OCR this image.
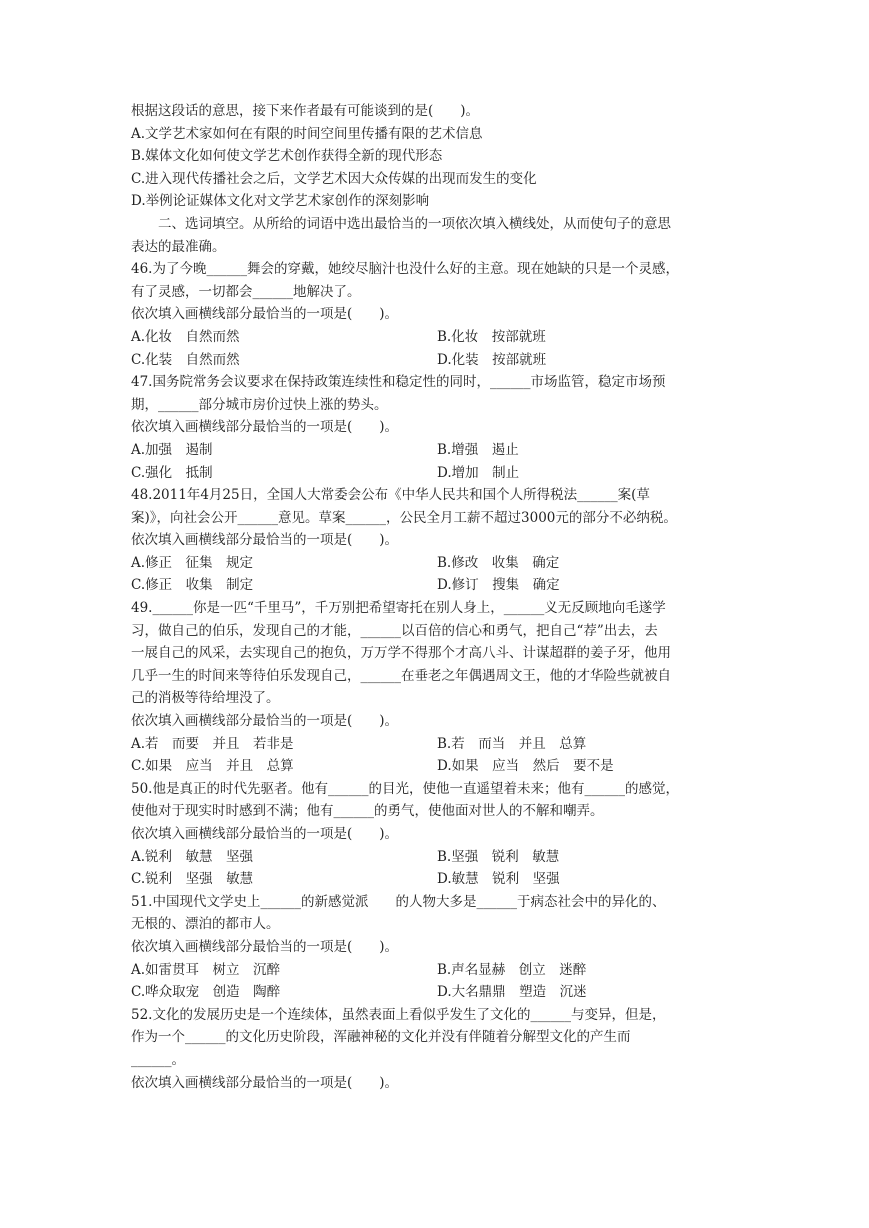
根据这段话的意思，接下来作者最有可能谈到的是(　　)。
A.文学艺术家如何在有限的时间空间里传播有限的艺术信息
B.媒体文化如何使文学艺术创作获得全新的现代形态
C.进入现代传播社会之后，文学艺术因大众传媒的出现而发生的变化
D.举例论证媒体文化对文学艺术家创作的深刻影响
二、选词填空。从所给的词语中选出最恰当的一项依次填入横线处，从而使句子的意思
表达的最准确。
46.为了今晚______舞会的穿戴，她绞尽脑汁也没什么好的主意。现在她缺的只是一个灵感，
有了灵感，一切都会______地解决了。
依次填入画横线部分最恰当的一项是(　　)。
A.化妆　自然而然	B.化妆　按部就班
C.化装　自然而然	D.化装　按部就班
47.国务院常务会议要求在保持政策连续性和稳定性的同时，______市场监管，稳定市场预
期，______部分城市房价过快上涨的势头。
依次填入画横线部分最恰当的一项是(　　)。
A.加强　遏制	B.增强　遏止
C.强化　抵制	D.增加　制止
48.2011年4月25日，全国人大常委会公布《中华人民共和国个人所得税法______案(草
案)》，向社会公开______意见。草案______，公民全月工薪不超过3000元的部分不必纳税。
依次填入画横线部分最恰当的一项是(　　)。
A.修正　征集　规定	B.修改　收集　确定
C.修正　收集　制定	D.修订　搜集　确定
49.______你是一匹“千里马”，千万别把希望寄托在别人身上，______义无反顾地向毛遂学
习，做自己的伯乐，发现自己的才能，______以百倍的信心和勇气，把自己“荐”出去，去
一展自己的风采，去实现自己的抱负，万万学不得那个才高八斗、计谋超群的姜子牙，他用
几乎一生的时间来等待伯乐发现自己，______在垂老之年偶遇周文王，他的才华险些就被自
己的消极等待给埋没了。
依次填入画横线部分最恰当的一项是(　　)。
A.若　而要　并且　若非是	B.若　而当　并且　总算
C.如果　应当　并且　总算	D.如果　应当　然后　要不是
50.他是真正的时代先驱者。他有______的目光，使他一直遥望着未来；他有______的感觉，
使他对于现实时时感到不满；他有______的勇气，使他面对世人的不解和嘲弄。
依次填入画横线部分最恰当的一项是(　　)。
A.锐利　敏慧　坚强	B.坚强　锐利　敏慧
C.锐利　坚强　敏慧	D.敏慧　锐利　坚强
51.中国现代文学史上______的新感觉派　　的人物大多是______于病态社会中的异化的、
无根的、漂泊的都市人。
依次填入画横线部分最恰当的一项是(　　)。
A.如雷贯耳　树立　沉醉	B.声名显赫　创立　迷醉
C.哗众取宠　创造　陶醉	D.大名鼎鼎　塑造　沉迷
52.文化的发展历史是一个连续体，虽然表面上看似乎发生了文化的______与变异，但是，
作为一个______的文化历史阶段，浑融神秘的文化并没有伴随着分解型文化的产生而
______。
依次填入画横线部分最恰当的一项是(　　)。
